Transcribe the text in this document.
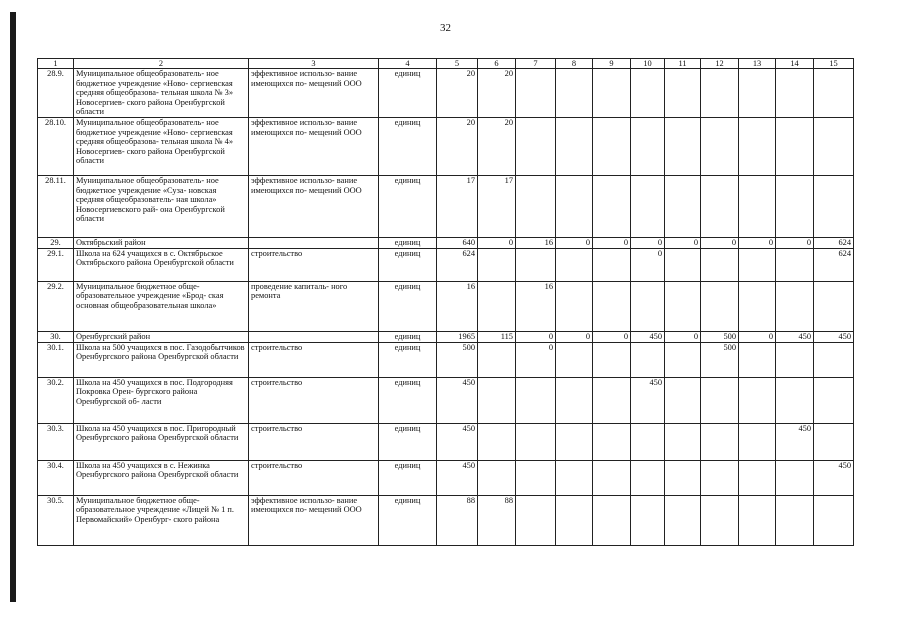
32
1	2	3	4	5	6	7	8	9	10	11	12	13	14	15
28.9.	Муниципальное общеобразователь- ное бюджетное учреждение «Ново- сергиевская средняя общеобразова- тельная школа № 3» Новосергиев- ского района Оренбургской области	эффективное использо- вание имеющихся по- мещений ООО	единиц	20	20									
28.10.	Муниципальное общеобразователь- ное бюджетное учреждение «Ново- сергиевская средняя общеобразова- тельная школа № 4» Новосергиев- ского района Оренбургской области	эффективное использо- вание имеющихся по- мещений ООО	единиц	20	20									
28.11.	Муниципальное общеобразователь- ное бюджетное учреждение «Суза- новская средняя общеобразователь- ная школа» Новосергиевского рай- она Оренбургской области	эффективное использо- вание имеющихся по- мещений ООО	единиц	17	17									
29.	Октябрьский район		единиц	640	0	16	0	0	0	0	0	0	0	624
29.1.	Школа на 624 учащихся в с. Октябрьское Октябрьского района Оренбургской области	строительство	единиц	624					0					624
29.2.	Муниципальное бюджетное обще- образовательное учреждение «Брод- ская основная общеобразовательная школа»	проведение капиталь- ного ремонта	единиц	16		16								
30.	Оренбургский район		единиц	1965	115	0	0	0	450	0	500	0	450	450
30.1.	Школа на 500 учащихся в пос. Газодобытчиков Оренбургского района Оренбургской области	строительство	единиц	500		0					500			
30.2.	Школа на 450 учащихся в пос. Подгородняя Покровка Орен- бургского района Оренбургской об- ласти	строительство	единиц	450					450					
30.3.	Школа на 450 учащихся в пос. Пригородный Оренбургского района Оренбургской области	строительство	единиц	450									450	
30.4.	Школа на 450 учащихся в с. Нежинка Оренбургского района Оренбургской области	строительство	единиц	450										450
30.5.	Муниципальное бюджетное обще- образовательное учреждение «Лицей № 1 п. Первомайский» Оренбург- ского района	эффективное использо- вание имеющихся по- мещений ООО	единиц	88	88									
